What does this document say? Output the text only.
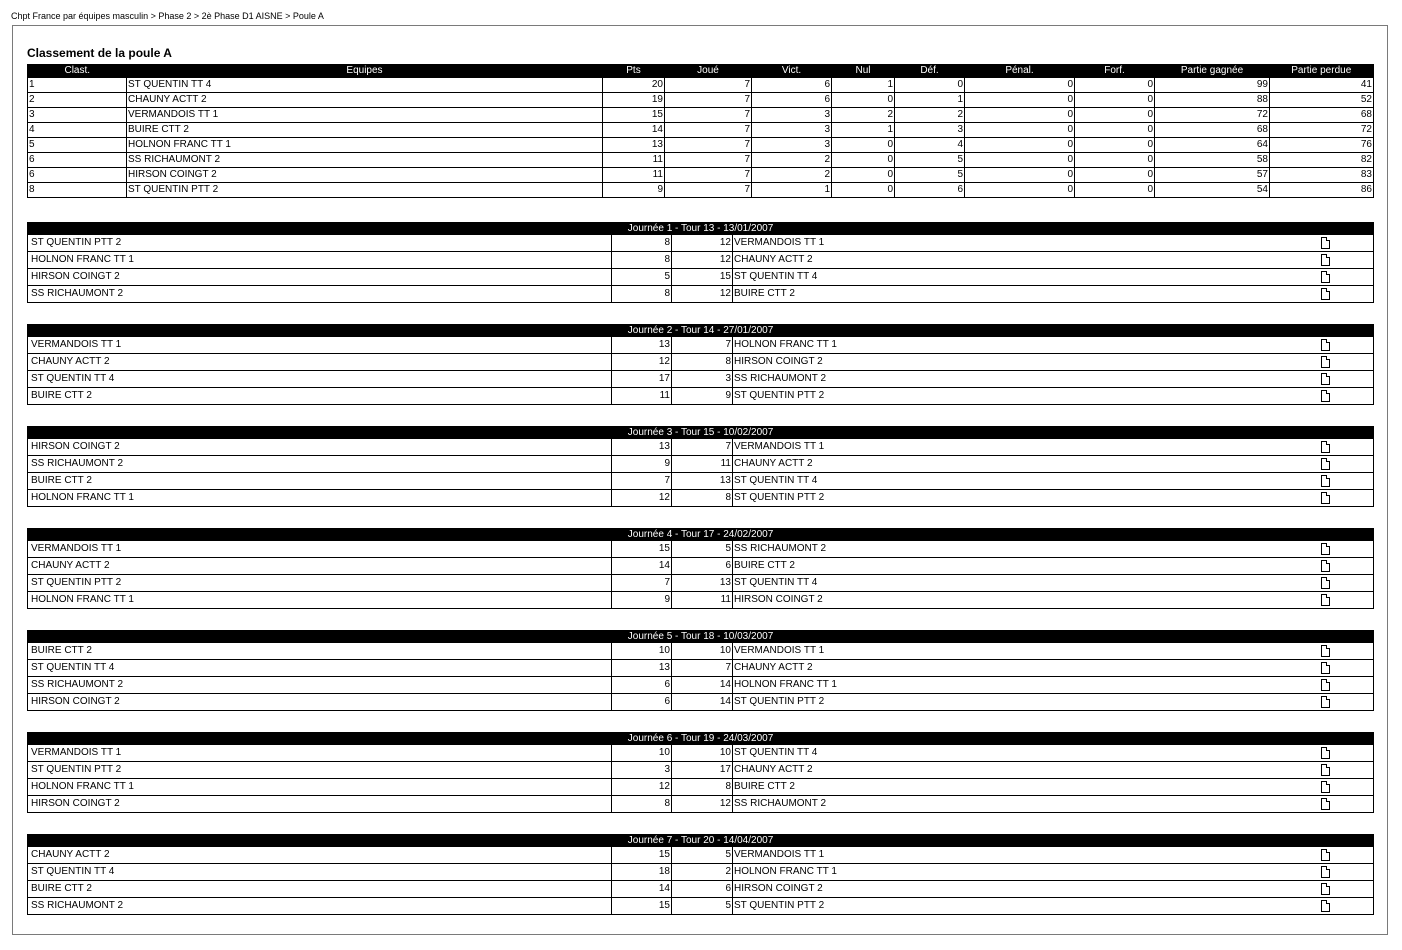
Chpt France par équipes masculin > Phase 2 > 2è Phase D1 AISNE > Poule A
Classement de la poule A
Clast.	Equipes	Pts	Joué	Vict.	Nul	Déf.	Pénal.	Forf.	Partie gagnée	Partie perdue
1	ST QUENTIN TT 4	20	7	6	1	0	0	0	99	41
2	CHAUNY ACTT 2	19	7	6	0	1	0	0	88	52
3	VERMANDOIS TT 1	15	7	3	2	2	0	0	72	68
4	BUIRE CTT 2	14	7	3	1	3	0	0	68	72
5	HOLNON FRANC TT 1	13	7	3	0	4	0	0	64	76
6	SS RICHAUMONT 2	11	7	2	0	5	0	0	58	82
6	HIRSON COINGT 2	11	7	2	0	5	0	0	57	83
8	ST QUENTIN PTT 2	9	7	1	0	6	0	0	54	86
Journée 1 - Tour 13 - 13/01/2007				
ST QUENTIN PTT 2	8	12	VERMANDOIS TT 1	
HOLNON FRANC TT 1	8	12	CHAUNY ACTT 2	
HIRSON COINGT 2	5	15	ST QUENTIN TT 4	
SS RICHAUMONT 2	8	12	BUIRE CTT 2	
Journée 2 - Tour 14 - 27/01/2007				
VERMANDOIS TT 1	13	7	HOLNON FRANC TT 1	
CHAUNY ACTT 2	12	8	HIRSON COINGT 2	
ST QUENTIN TT 4	17	3	SS RICHAUMONT 2	
BUIRE CTT 2	11	9	ST QUENTIN PTT 2	
Journée 3 - Tour 15 - 10/02/2007				
HIRSON COINGT 2	13	7	VERMANDOIS TT 1	
SS RICHAUMONT 2	9	11	CHAUNY ACTT 2	
BUIRE CTT 2	7	13	ST QUENTIN TT 4	
HOLNON FRANC TT 1	12	8	ST QUENTIN PTT 2	
Journée 4 - Tour 17 - 24/02/2007				
VERMANDOIS TT 1	15	5	SS RICHAUMONT 2	
CHAUNY ACTT 2	14	6	BUIRE CTT 2	
ST QUENTIN PTT 2	7	13	ST QUENTIN TT 4	
HOLNON FRANC TT 1	9	11	HIRSON COINGT 2	
Journée 5 - Tour 18 - 10/03/2007				
BUIRE CTT 2	10	10	VERMANDOIS TT 1	
ST QUENTIN TT 4	13	7	CHAUNY ACTT 2	
SS RICHAUMONT 2	6	14	HOLNON FRANC TT 1	
HIRSON COINGT 2	6	14	ST QUENTIN PTT 2	
Journée 6 - Tour 19 - 24/03/2007				
VERMANDOIS TT 1	10	10	ST QUENTIN TT 4	
ST QUENTIN PTT 2	3	17	CHAUNY ACTT 2	
HOLNON FRANC TT 1	12	8	BUIRE CTT 2	
HIRSON COINGT 2	8	12	SS RICHAUMONT 2	
Journée 7 - Tour 20 - 14/04/2007				
CHAUNY ACTT 2	15	5	VERMANDOIS TT 1	
ST QUENTIN TT 4	18	2	HOLNON FRANC TT 1	
BUIRE CTT 2	14	6	HIRSON COINGT 2	
SS RICHAUMONT 2	15	5	ST QUENTIN PTT 2	
